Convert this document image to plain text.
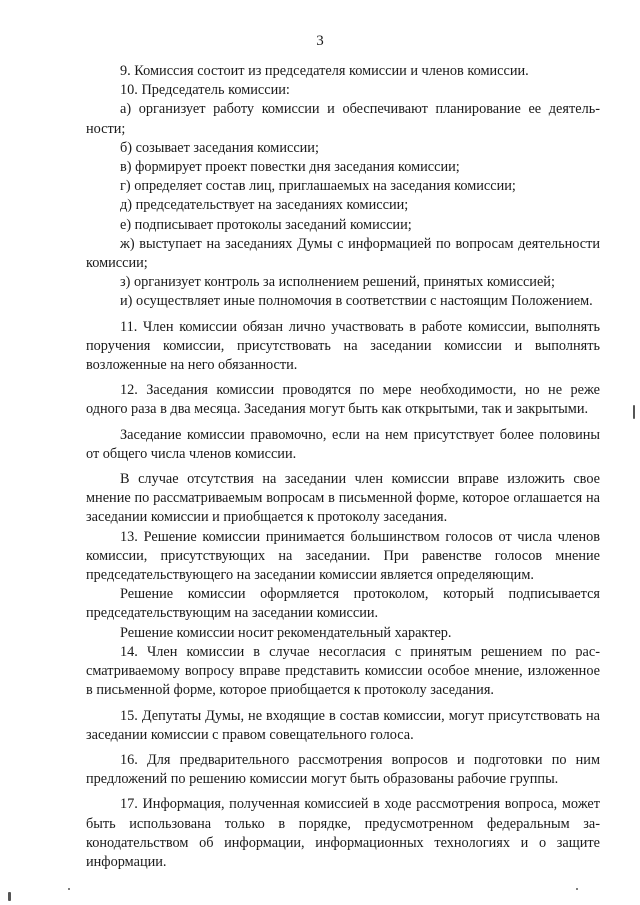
3

9. Комиссия состоит из председателя комиссии и членов комиссии.

10. Председатель комиссии:

а) организует работу комиссии и обеспечивают планирование ее деятельности;

б) созывает заседания комиссии;

в) формирует проект повестки дня заседания комиссии;

г) определяет состав лиц, приглашаемых на заседания комиссии;

д) председательствует на заседаниях комиссии;

е) подписывает протоколы заседаний комиссии;

ж) выступает на заседаниях Думы с информацией по вопросам деятельности комиссии;

з) организует контроль за исполнением решений, принятых комиссией;

и) осуществляет иные полномочия в соответствии с настоящим Положением.

11. Член комиссии обязан лично участвовать в работе комиссии, выполнять поручения комиссии, присутствовать на заседании комиссии и выполнять возложенные на него обязанности.

12. Заседания комиссии проводятся по мере необходимости, но не реже одного раза в два месяца. Заседания могут быть как открытыми, так и закрытыми.

Заседание комиссии правомочно, если на нем присутствует более половины от общего числа членов комиссии.

В случае отсутствия на заседании член комиссии вправе изложить свое мнение по рассматриваемым вопросам в письменной форме, которое оглашается на заседании комиссии и приобщается к протоколу заседания.

13. Решение комиссии принимается большинством голосов от числа членов комиссии, присутствующих на заседании. При равенстве голосов мнение председательствующего на заседании комиссии является определяющим.

Решение комиссии оформляется протоколом, который подписывается председательствующим на заседании комиссии.

Решение комиссии носит рекомендательный характер.

14. Член комиссии в случае несогласия с принятым решением по рассматриваемому вопросу вправе представить комиссии особое мнение, изложенное в письменной форме, которое приобщается к протоколу заседания.

15. Депутаты Думы, не входящие в состав комиссии, могут присутствовать на заседании комиссии с правом совещательного голоса.

16. Для предварительного рассмотрения вопросов и подготовки по ним предложений по решению комиссии могут быть образованы рабочие группы.

17. Информация, полученная комиссией в ходе рассмотрения вопроса, может быть использована только в порядке, предусмотренном федеральным законодательством об информации, информационных технологиях и о защите информации.
